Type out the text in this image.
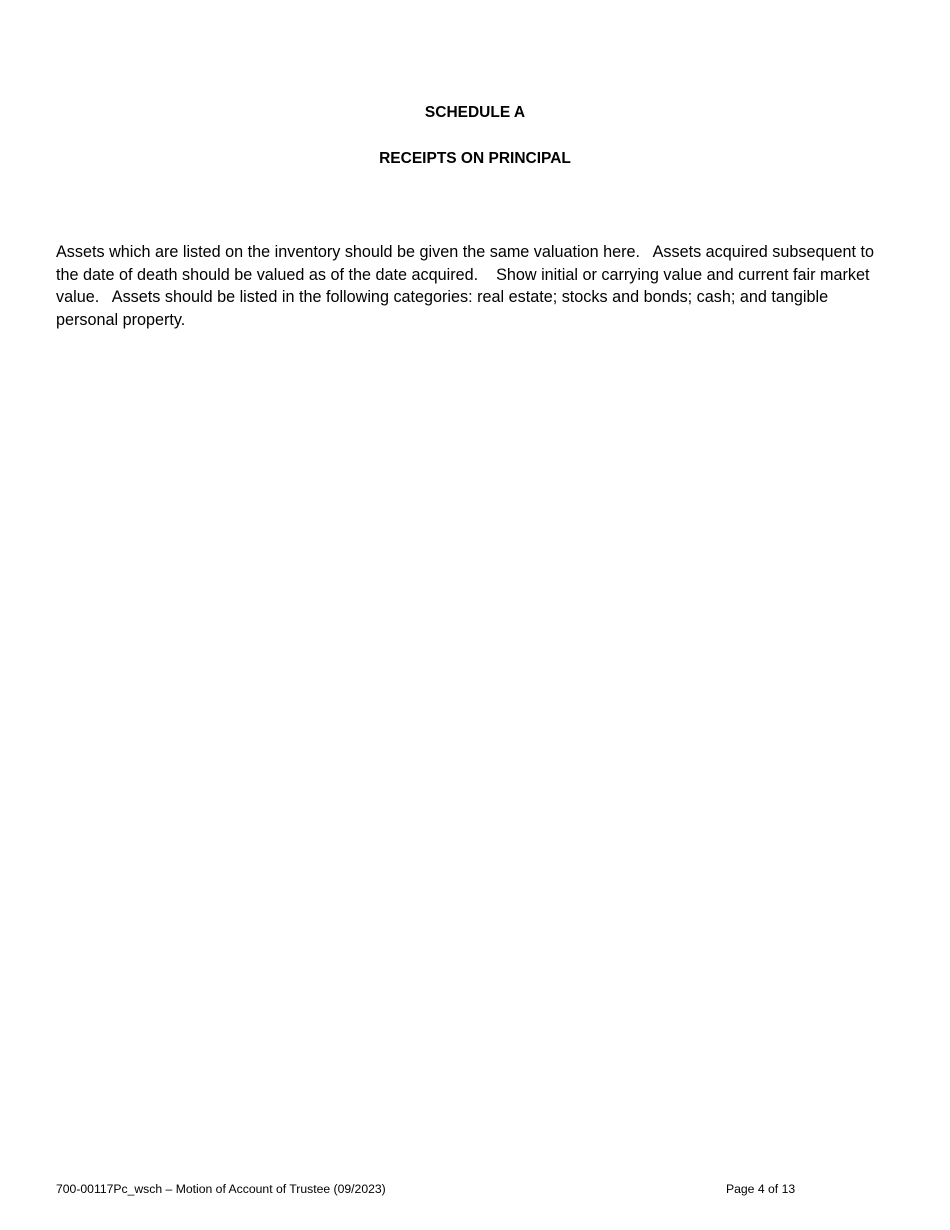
SCHEDULE A
RECEIPTS ON PRINCIPAL

Assets which are listed on the inventory should be given the same valuation here.   Assets acquired subsequent to the date of death should be valued as of the date acquired.    Show initial or carrying value and current fair market value.   Assets should be listed in the following categories: real estate; stocks and bonds; cash; and tangible personal property.

700-00117Pc_wsch – Motion of Account of Trustee (09/2023)	Page 4 of 13
